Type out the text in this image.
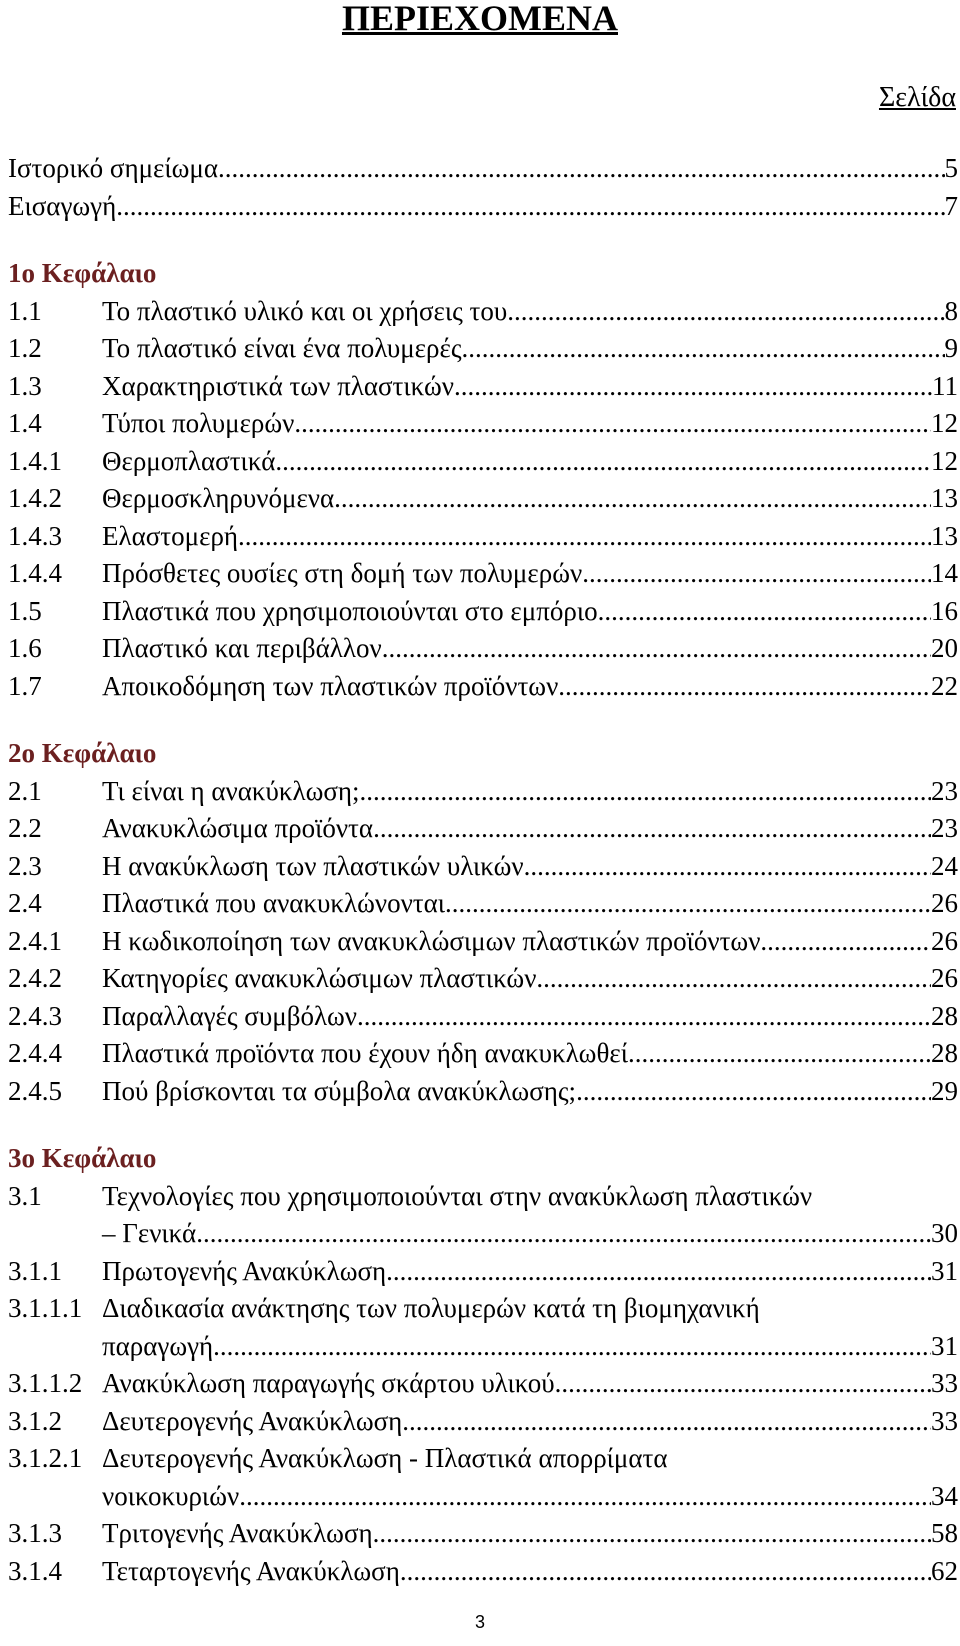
ΠΕΡΙΕΧΟΜΕΝΑ
Σελίδα
Ιστορικό σημείωμα .....	5
Εισαγωγή .....	7
1ο Κεφάλαιο
1.1	Το πλαστικό υλικό και οι χρήσεις του .....	8
1.2	Το πλαστικό είναι ένα πολυμερές .....	9
1.3	Χαρακτηριστικά των πλαστικών .....	11
1.4	Τύποι πολυμερών .....	12
1.4.1	Θερμοπλαστικά .....	12
1.4.2	Θερμοσκληρυνόμενα .....	13
1.4.3	Ελαστομερή .....	13
1.4.4	Πρόσθετες ουσίες στη δομή των πολυμερών .....	14
1.5	Πλαστικά που χρησιμοποιούνται στο εμπόριο .....	16
1.6	Πλαστικό και περιβάλλον .....	20
1.7	Αποικοδόμηση των πλαστικών προϊόντων .....	22
2ο Κεφάλαιο
2.1	Τι είναι η ανακύκλωση; .....	23
2.2	Ανακυκλώσιμα προϊόντα .....	23
2.3	Η ανακύκλωση των πλαστικών υλικών .....	24
2.4	Πλαστικά που ανακυκλώνονται .....	26
2.4.1	Η κωδικοποίηση των ανακυκλώσιμων πλαστικών προϊόντων .....	26
2.4.2	Κατηγορίες ανακυκλώσιμων πλαστικών .....	26
2.4.3	Παραλλαγές συμβόλων .....	28
2.4.4	Πλαστικά προϊόντα που έχουν ήδη ανακυκλωθεί .....	28
2.4.5	Πού βρίσκονται τα σύμβολα ανακύκλωσης; .....	29
3ο Κεφάλαιο
3.1	Τεχνολογίες που χρησιμοποιούνται στην ανακύκλωση πλαστικών
– Γενικά .....	30
3.1.1	Πρωτογενής Ανακύκλωση .....	31
3.1.1.1 Διαδικασία ανάκτησης των πολυμερών κατά τη βιομηχανική
παραγωγή .....	31
3.1.1.2 Ανακύκλωση παραγωγής σκάρτου υλικού .....	33
3.1.2	Δευτερογενής Ανακύκλωση .....	33
3.1.2.1 Δευτερογενής Ανακύκλωση - Πλαστικά απορρίματα
νοικοκυριών .....	34
3.1.3	Τριτογενής Ανακύκλωση .....	58
3.1.4	Τεταρτογενής Ανακύκλωση .....	62
3
